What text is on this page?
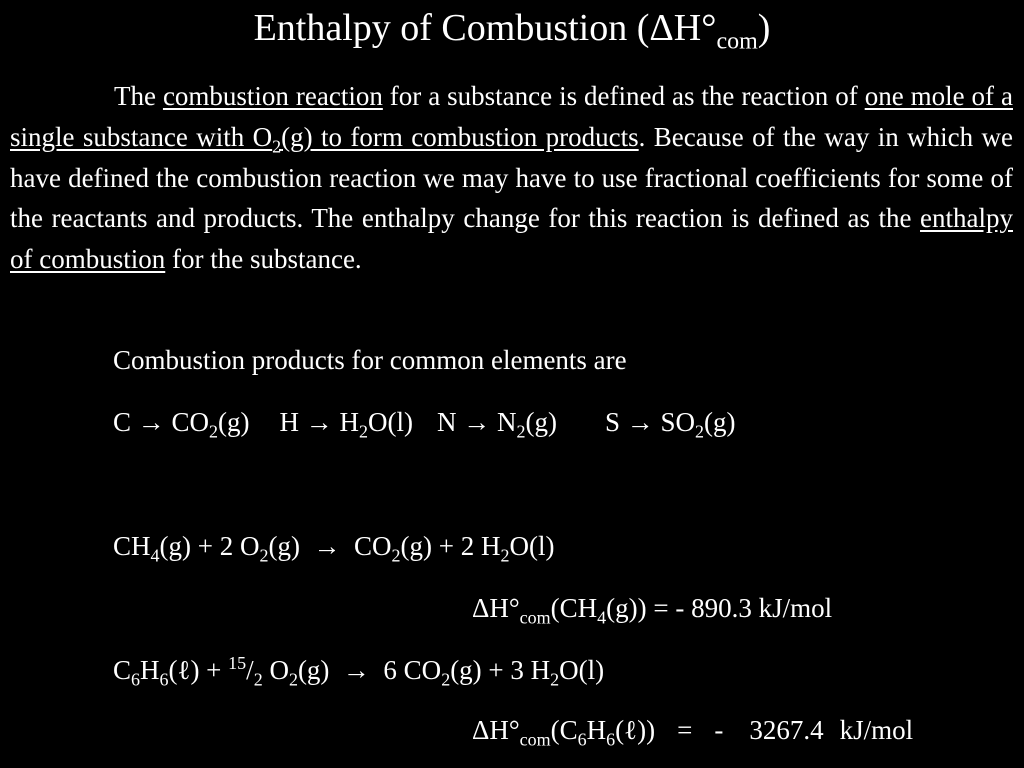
Enthalpy of Combustion $(\Delta H^\circ_{com})$
The combustion reaction for a substance is defined as the reaction of one mole of a single substance with $O_2(g)$ to form combustion products. Because of the way in which we have defined the combustion reaction we may have to use fractional coefficients for some of the reactants and products. The enthalpy change for this reaction is defined as the enthalpy of combustion for the substance.
Combustion products for common elements are
$C \to CO_2(g) H \to H_2O(l) N \to N_2(g) S \to SO_2(g)$
$CH_4(g) + 2$ $O_2(g) \to CO_2(g) + 2$ $H_2O(l)$
$\Delta H^\circ_{com}(CH_4(g))$ = - 890.3 kJ/mol
$C_6H_6(\ell) + ^{15}/_2$ $O_2(g) \to 6$ $CO_2(g) + 3$ $H_2O(l)$
$\Delta H^\circ_{com}(C_6H_6(\ell))$ = - 3267.4 kJ/mol
